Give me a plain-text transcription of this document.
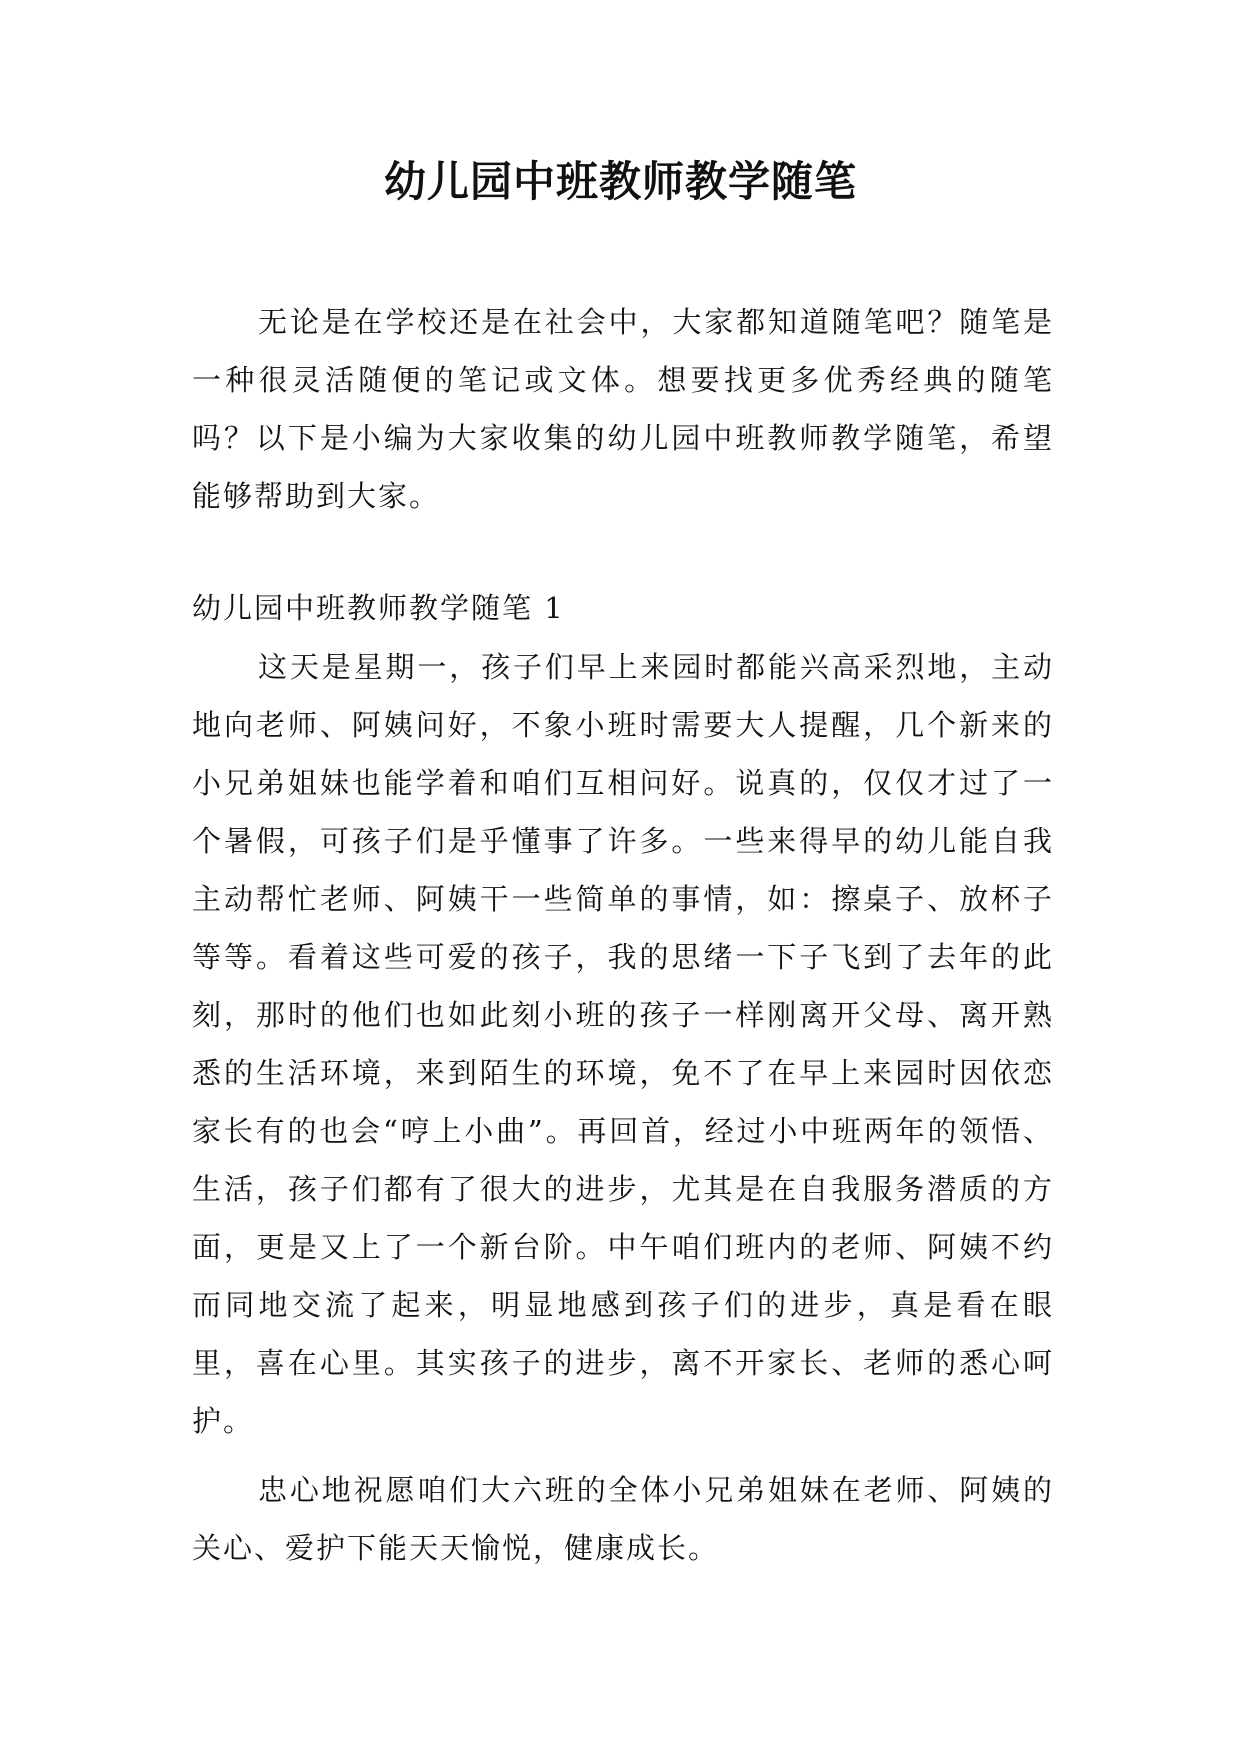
幼儿园中班教师教学随笔

无论是在学校还是在社会中，大家都知道随笔吧？随笔是一种很灵活随便的笔记或文体。想要找更多优秀经典的随笔吗？以下是小编为大家收集的幼儿园中班教师教学随笔，希望能够帮助到大家。

幼儿园中班教师教学随笔 1

这天是星期一，孩子们早上来园时都能兴高采烈地，主动地向老师、阿姨问好，不象小班时需要大人提醒，几个新来的小兄弟姐妹也能学着和咱们互相问好。说真的，仅仅才过了一个暑假，可孩子们是乎懂事了许多。一些来得早的幼儿能自我主动帮忙老师、阿姨干一些简单的事情，如：擦桌子、放杯子等等。看着这些可爱的孩子，我的思绪一下子飞到了去年的此刻，那时的他们也如此刻小班的孩子一样刚离开父母、离开熟悉的生活环境，来到陌生的环境，免不了在早上来园时因依恋家长有的也会“哼上小曲”。再回首，经过小中班两年的领悟、生活，孩子们都有了很大的进步，尤其是在自我服务潜质的方面，更是又上了一个新台阶。中午咱们班内的老师、阿姨不约而同地交流了起来，明显地感到孩子们的进步，真是看在眼里，喜在心里。其实孩子的进步，离不开家长、老师的悉心呵护。

忠心地祝愿咱们大六班的全体小兄弟姐妹在老师、阿姨的关心、爱护下能天天愉悦，健康成长。
